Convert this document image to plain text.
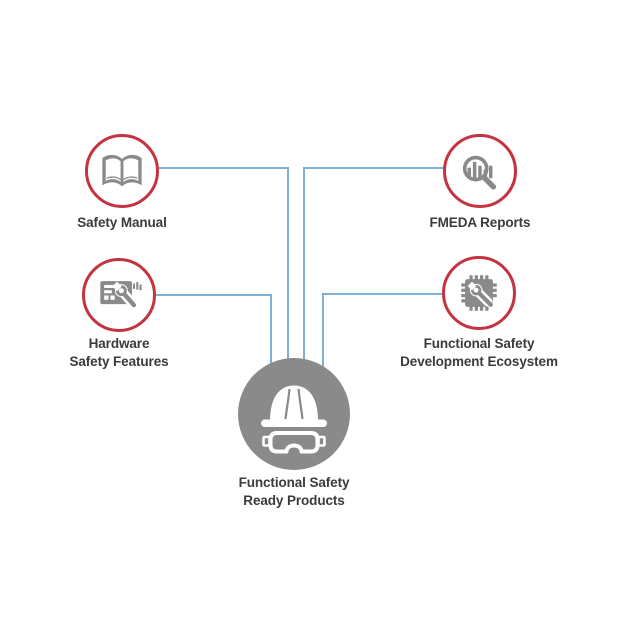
Safety Manual	FMEDA Reports
Hardware
Safety Features
Functional Safety
Development Ecosystem
Functional Safety
Ready Products
